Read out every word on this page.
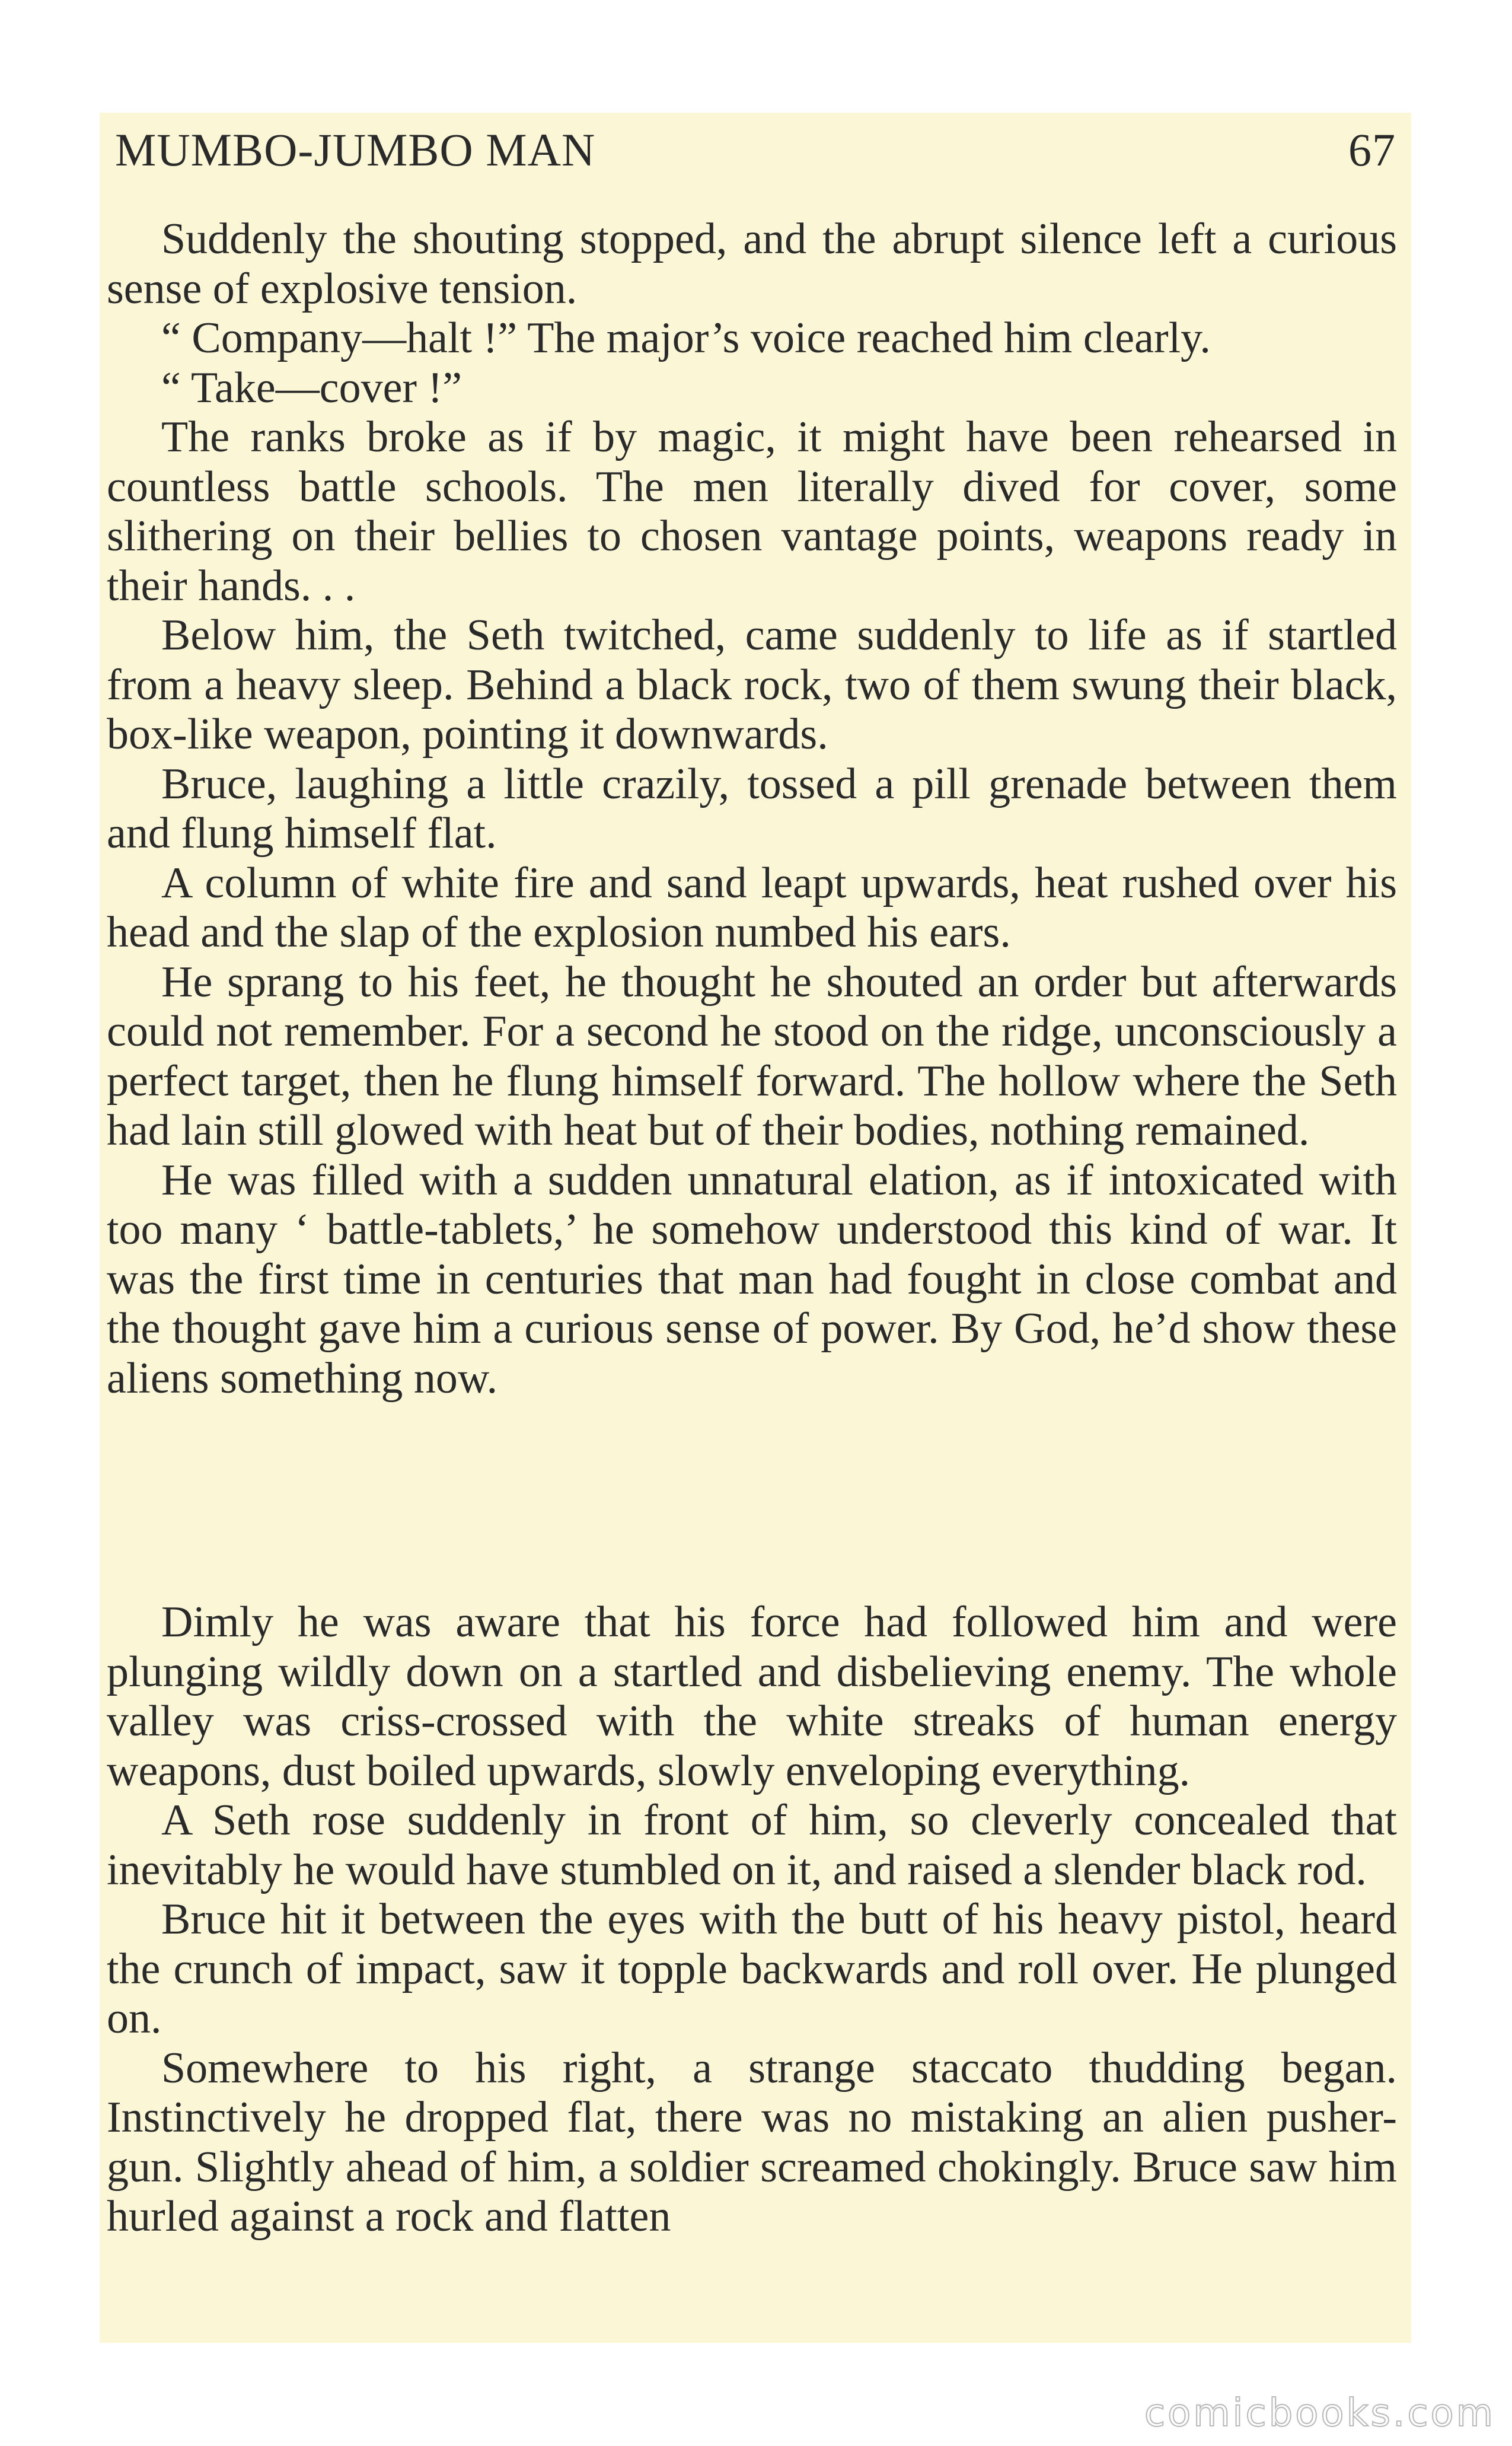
MUMBO-JUMBO MAN	67

Suddenly the shouting stopped, and the abrupt silence left a curious sense of explosive tension.

“ Company—halt !” The major’s voice reached him clearly.

“ Take—cover !”

The ranks broke as if by magic, it might have been rehearsed in countless battle schools. The men literally dived for cover, some slithering on their bellies to chosen vantage points, weapons ready in their hands. . .

Below him, the Seth twitched, came suddenly to life as if startled from a heavy sleep. Behind a black rock, two of them swung their black, box-like weapon, pointing it downwards.

Bruce, laughing a little crazily, tossed a pill grenade between them and flung himself flat.

A column of white fire and sand leapt upwards, heat rushed over his head and the slap of the explosion numbed his ears.

He sprang to his feet, he thought he shouted an order but afterwards could not remember. For a second he stood on the ridge, unconsciously a perfect target, then he flung himself forward. The hollow where the Seth had lain still glowed with heat but of their bodies, nothing remained.

He was filled with a sudden unnatural elation, as if intoxicated with too many ‘ battle-tablets,’ he somehow understood this kind of war. It was the first time in centuries that man had fought in close combat and the thought gave him a curious sense of power. By God, he’d show these aliens something now.

Dimly he was aware that his force had followed him and were plunging wildly down on a startled and disbelieving enemy. The whole valley was criss-crossed with the white streaks of human energy weapons, dust boiled upwards, slowly enveloping everything.

A Seth rose suddenly in front of him, so cleverly concealed that inevitably he would have stumbled on it, and raised a slender black rod.

Bruce hit it between the eyes with the butt of his heavy pistol, heard the crunch of impact, saw it topple backwards and roll over. He plunged on.

Somewhere to his right, a strange staccato thudding began. Instinctively he dropped flat, there was no mistaking an alien pusher-gun. Slightly ahead of him, a soldier screamed chokingly. Bruce saw him hurled against a rock and flatten

comicbooks.com
